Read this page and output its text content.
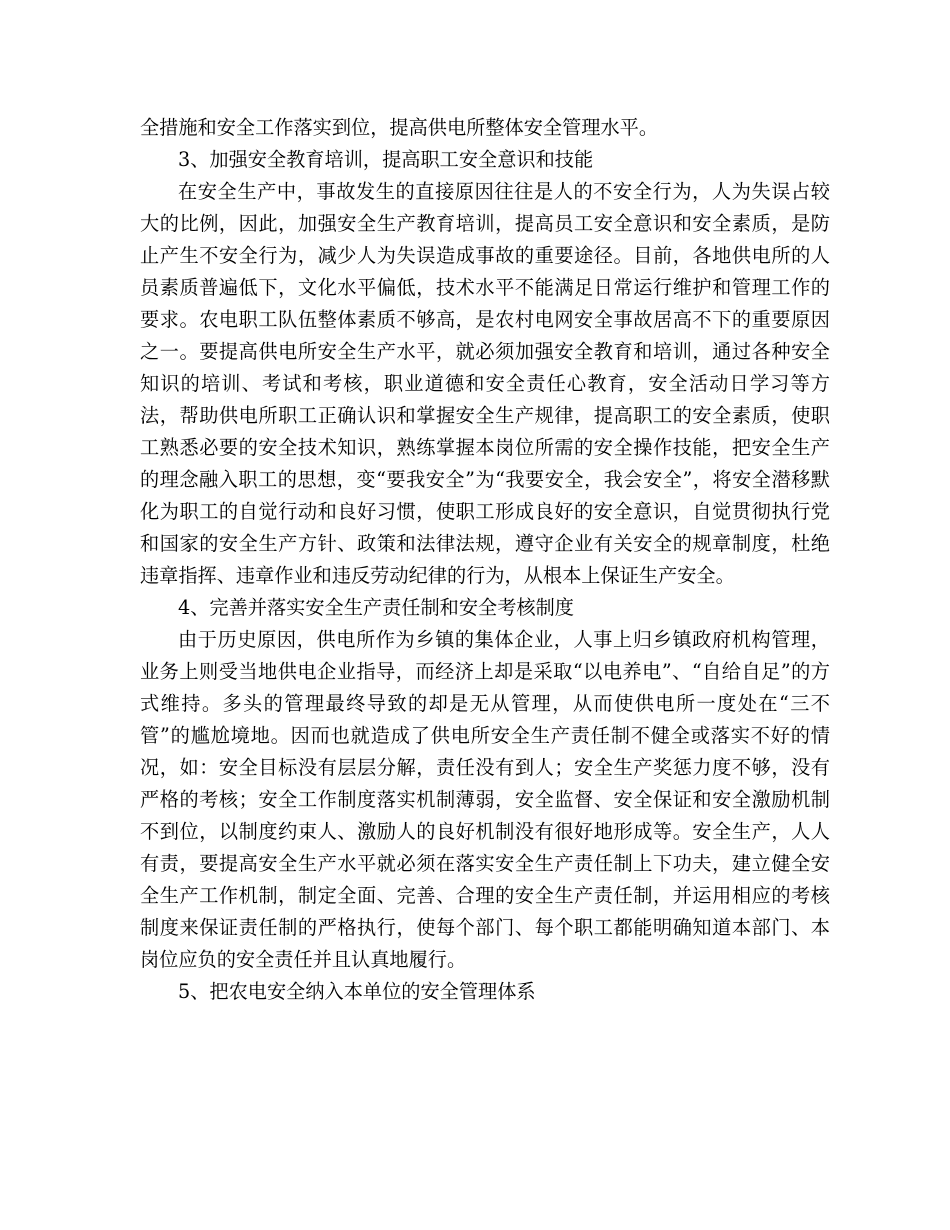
全措施和安全工作落实到位，提高供电所整体安全管理水平。

3、加强安全教育培训，提高职工安全意识和技能

在安全生产中，事故发生的直接原因往往是人的不安全行为，人为失误占较大的比例，因此，加强安全生产教育培训，提高员工安全意识和安全素质，是防止产生不安全行为，减少人为失误造成事故的重要途径。目前，各地供电所的人员素质普遍低下，文化水平偏低，技术水平不能满足日常运行维护和管理工作的要求。农电职工队伍整体素质不够高，是农村电网安全事故居高不下的重要原因之一。要提高供电所安全生产水平，就必须加强安全教育和培训，通过各种安全知识的培训、考试和考核，职业道德和安全责任心教育，安全活动日学习等方法，帮助供电所职工正确认识和掌握安全生产规律，提高职工的安全素质，使职工熟悉必要的安全技术知识，熟练掌握本岗位所需的安全操作技能，把安全生产的理念融入职工的思想，变“要我安全”为“我要安全，我会安全”，将安全潜移默化为职工的自觉行动和良好习惯，使职工形成良好的安全意识，自觉贯彻执行党和国家的安全生产方针、政策和法律法规，遵守企业有关安全的规章制度，杜绝违章指挥、违章作业和违反劳动纪律的行为，从根本上保证生产安全。

4、完善并落实安全生产责任制和安全考核制度

由于历史原因，供电所作为乡镇的集体企业，人事上归乡镇政府机构管理，业务上则受当地供电企业指导，而经济上却是采取“以电养电”、“自给自足”的方式维持。多头的管理最终导致的却是无从管理，从而使供电所一度处在“三不管”的尴尬境地。因而也就造成了供电所安全生产责任制不健全或落实不好的情况，如：安全目标没有层层分解，责任没有到人；安全生产奖惩力度不够，没有严格的考核；安全工作制度落实机制薄弱，安全监督、安全保证和安全激励机制不到位，以制度约束人、激励人的良好机制没有很好地形成等。安全生产，人人有责，要提高安全生产水平就必须在落实安全生产责任制上下功夫，建立健全安全生产工作机制，制定全面、完善、合理的安全生产责任制，并运用相应的考核制度来保证责任制的严格执行，使每个部门、每个职工都能明确知道本部门、本岗位应负的安全责任并且认真地履行。

5、把农电安全纳入本单位的安全管理体系
